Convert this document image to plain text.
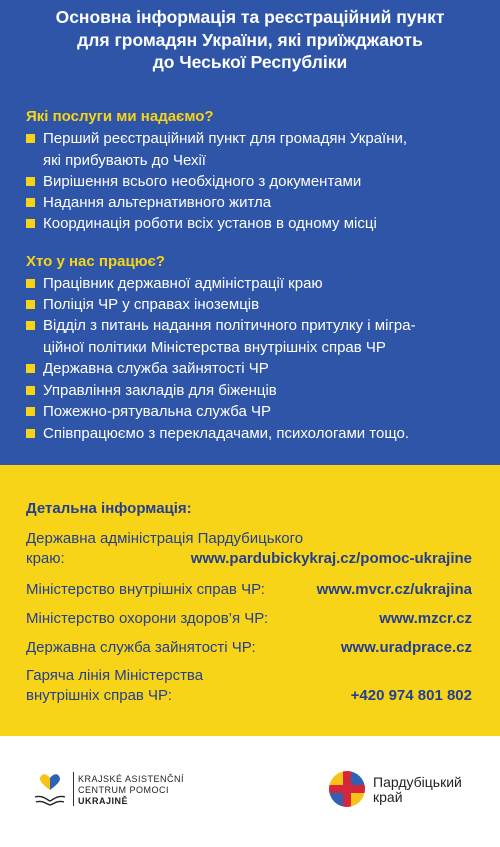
Основна інформація та реєстраційний пункт
для громадян України, які приїжджають
до Чеської Республіки
Які послуги ми надаємо?
Перший реєстраційний пункт для громадян України,
які прибувають до Чехії
Вирішення всього необхідного з документами
Надання альтернативного житла
Координація роботи всіх установ в одному місці
Хто у нас працює?
Працівник державної адміністрації краю
Поліція ЧР у справах іноземців
Відділ з питань надання політичного притулку і мігра-
ційної політики Міністерства внутрішніх справ ЧР
Державна служба зайнятості ЧР
Управління закладів для біженців
Пожежно-рятувальна служба ЧР
Співпрацюємо з перекладачами, психологами тощо.
Детальна інформація:
Державна адміністрація Пардубицького
краю:	www.pardubickykraj.cz/pomoc-ukrajine
Міністерство внутрішніх справ ЧР:	www.mvcr.cz/ukrajina
Міністерство охорони здоров’я ЧР:	www.mzcr.cz
Державна служба зайнятості ЧР:	www.uradprace.cz
Гаряча лінія Міністерства
внутрішніх справ ЧР:	+420 974 801 802
KRAJSKÉ ASISTENČNÍ
CENTRUM POMOCI
UKRAJINĚ
Пардубіцький
край
